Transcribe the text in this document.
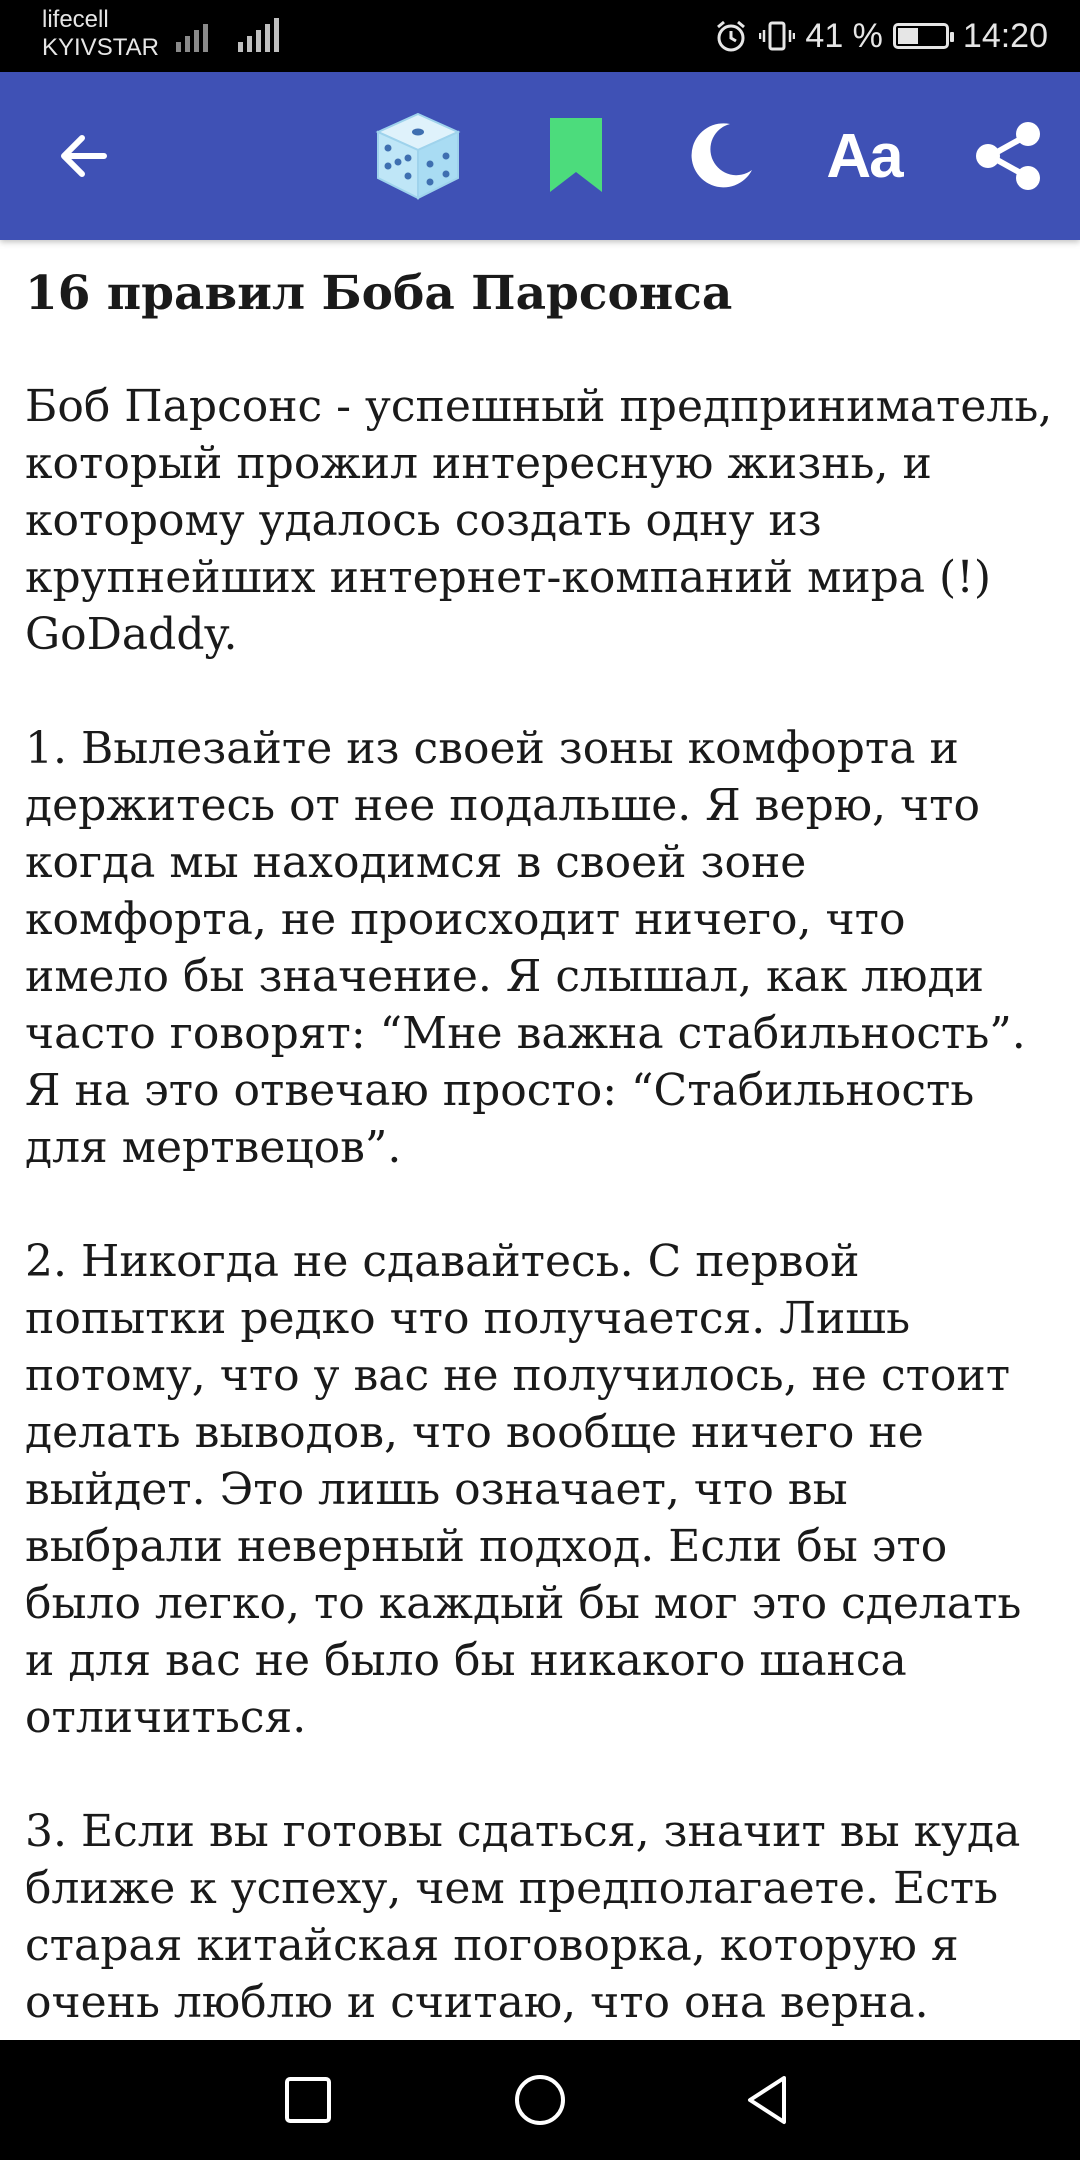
lifecell
KYIVSTAR	41 % 14:20
Aa
16 правил Боба Парсонса

Боб Парсонс - успешный предприниматель, который прожил интересную жизнь, и которому удалось создать одну из крупнейших интернет-компаний мира (!) GoDaddy.

1. Вылезайте из своей зоны комфорта и держитесь от нее подальше. Я верю, что когда мы находимся в своей зоне комфорта, не происходит ничего, что имело бы значение. Я слышал, как люди часто говорят: “Мне важна стабильность”. Я на это отвечаю просто: “Стабильность для мертвецов”.

2. Никогда не сдавайтесь. С первой попытки редко что получается. Лишь потому, что у вас не получилось, не стоит делать выводов, что вообще ничего не выйдет. Это лишь означает, что вы выбрали неверный подход. Если бы это было легко, то каждый бы мог это сделать и для вас не было бы никакого шанса отличиться.

3. Если вы готовы сдаться, значит вы куда ближе к успеху, чем предполагаете. Есть старая китайская поговорка, которую я очень люблю и считаю, что она верна.
